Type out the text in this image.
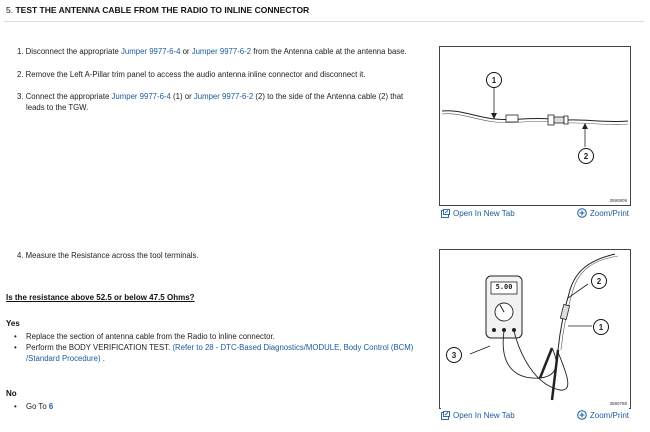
5. TEST THE ANTENNA CABLE FROM THE RADIO TO INLINE CONNECTOR
1. Disconnect the appropriate Jumper 9977-6-4 or Jumper 9977-6-2 from the Antenna cable at the antenna base.
2. Remove the Left A-Pillar trim panel to access the audio antenna inline connector and disconnect it.
3. Connect the appropriate Jumper 9977-6-4 (1) or Jumper 9977-6-2 (2) to the side of the Antenna cable (2) that
leads to the TGW.
4. Measure the Resistance across the tool terminals.
1
2
3590809
Open In New Tab	Zoom/Print
5.00
2
1
3
3590788
Open In New Tab	Zoom/Print
Is the resistance above 52.5 or below 47.5 Ohms?
Yes
• Replace the section of antenna cable from the Radio to inline connector.
• Perform the BODY VERIFICATION TEST. (Refer to 28 - DTC-Based Diagnostics/MODULE, Body Control (BCM)
/Standard Procedure) .
No
• Go To 6
